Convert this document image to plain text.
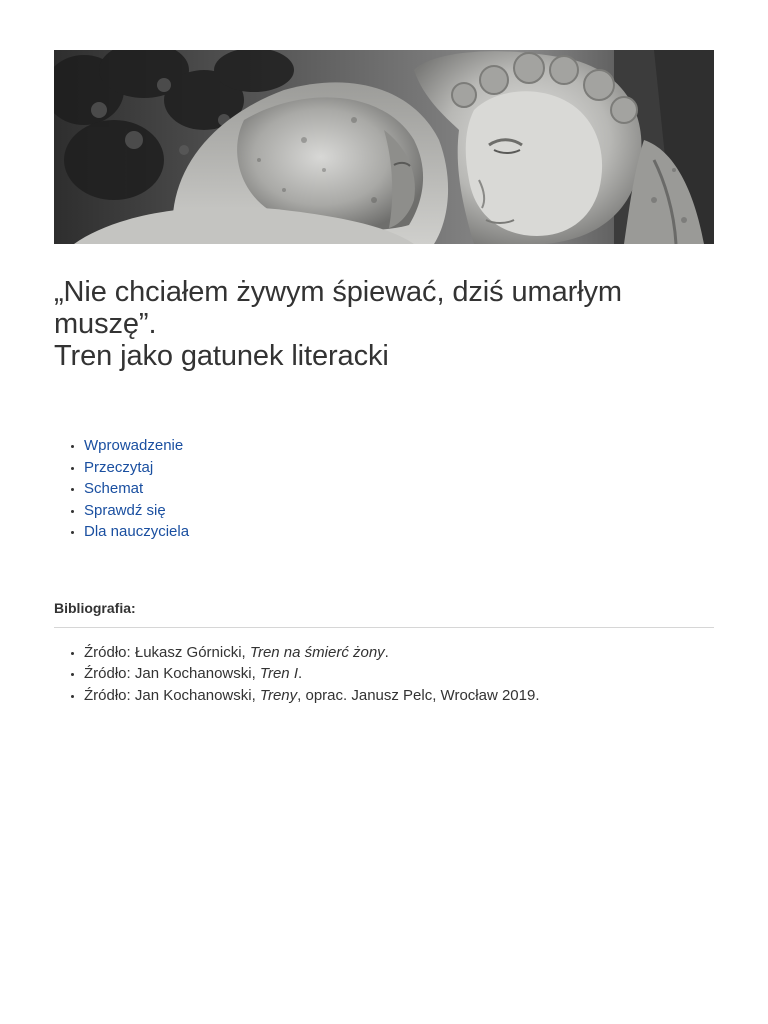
„Nie chciałem żywym śpiewać, dziś umarłym muszę”.
Tren jako gatunek literacki
• Wprowadzenie
• Przeczytaj
• Schemat
• Sprawdź się
• Dla nauczyciela
Bibliografia:
• Źródło: Łukasz Górnicki, Tren na śmierć żony.
• Źródło: Jan Kochanowski, Tren I.
• Źródło: Jan Kochanowski, Treny, oprac. Janusz Pelc, Wrocław 2019.
